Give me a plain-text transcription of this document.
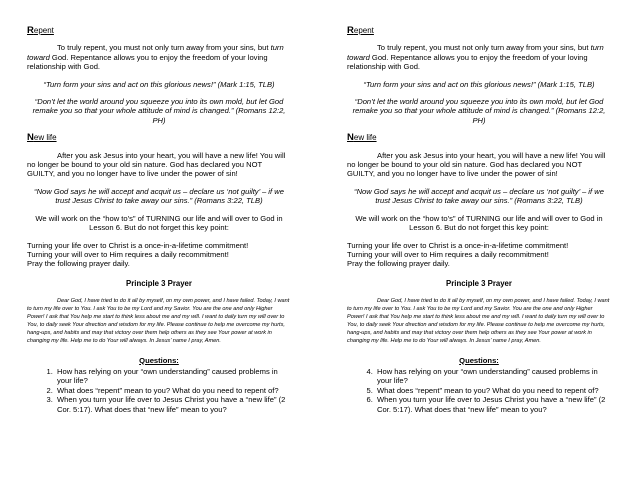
Repent

To truly repent, you must not only turn away from your sins, but turn toward God. Repentance allows you to enjoy the freedom of your loving relationship with God.

“Turn form your sins and act on this glorious news!” (Mark 1:15, TLB)

“Don’t let the world around you squeeze you into its own mold, but let God remake you so that your whole attitude of mind is changed.” (Romans 12:2, PH)

New life

After you ask Jesus into your heart, you will have a new life! You will no longer be bound to your old sin nature. God has declared you NOT GUILTY, and you no longer have to live under the power of sin!

“Now God says he will accept and acquit us – declare us ‘not guilty’ – if we trust Jesus Christ to take away our sins.” (Romans 3:22, TLB)

We will work on the “how to’s” of TURNING our life and will over to God in Lesson 6. But do not forget this key point:

Turning your life over to Christ is a once-in-a-lifetime commitment!

Turning your will over to Him requires a daily recommitment!

Pray the following prayer daily.

Principle 3 Prayer

Dear God, I have tried to do it all by myself, on my own power, and I have failed. Today, I want to turn my life over to You. I ask You to be my Lord and my Savior. You are the one and only Higher Power! I ask that You help me start to think less about me and my will. I want to daily turn my will over to You, to daily seek Your direction and wisdom for my life. Please continue to help me overcome my hurts, hang-ups, and habits and may that victory over them help others as they see Your power at work in changing my life. Help me to do Your will always. In Jesus’ name I pray, Amen.

Questions:
1. How has relying on your “own understanding” caused problems in your life?
2. What does “repent” mean to you? What do you need to repent of?
3. When you turn your life over to Jesus Christ you have a “new life” (2 Cor. 5:17). What does that “new life” mean to you?
Repent

To truly repent, you must not only turn away from your sins, but turn toward God. Repentance allows you to enjoy the freedom of your loving relationship with God.

“Turn form your sins and act on this glorious news!” (Mark 1:15, TLB)

“Don’t let the world around you squeeze you into its own mold, but let God remake you so that your whole attitude of mind is changed.” (Romans 12:2, PH)

New life

After you ask Jesus into your heart, you will have a new life! You will no longer be bound to your old sin nature. God has declared you NOT GUILTY, and you no longer have to live under the power of sin!

“Now God says he will accept and acquit us – declare us ‘not guilty’ – if we trust Jesus Christ to take away our sins.” (Romans 3:22, TLB)

We will work on the “how to’s” of TURNING our life and will over to God in Lesson 6. But do not forget this key point:

Turning your life over to Christ is a once-in-a-lifetime commitment!

Turning your will over to Him requires a daily recommitment!

Pray the following prayer daily.

Principle 3 Prayer

Dear God, I have tried to do it all by myself, on my own power, and I have failed. Today, I want to turn my life over to You. I ask You to be my Lord and my Savior. You are the one and only Higher Power! I ask that You help me start to think less about me and my will. I want to daily turn my will over to You, to daily seek Your direction and wisdom for my life. Please continue to help me overcome my hurts, hang-ups, and habits and may that victory over them help others as they see Your power at work in changing my life. Help me to do Your will always. In Jesus’ name I pray, Amen.

Questions:
4. How has relying on your “own understanding” caused problems in your life?
5. What does “repent” mean to you? What do you need to repent of?
6. When you turn your life over to Jesus Christ you have a “new life” (2 Cor. 5:17). What does that “new life” mean to you?
